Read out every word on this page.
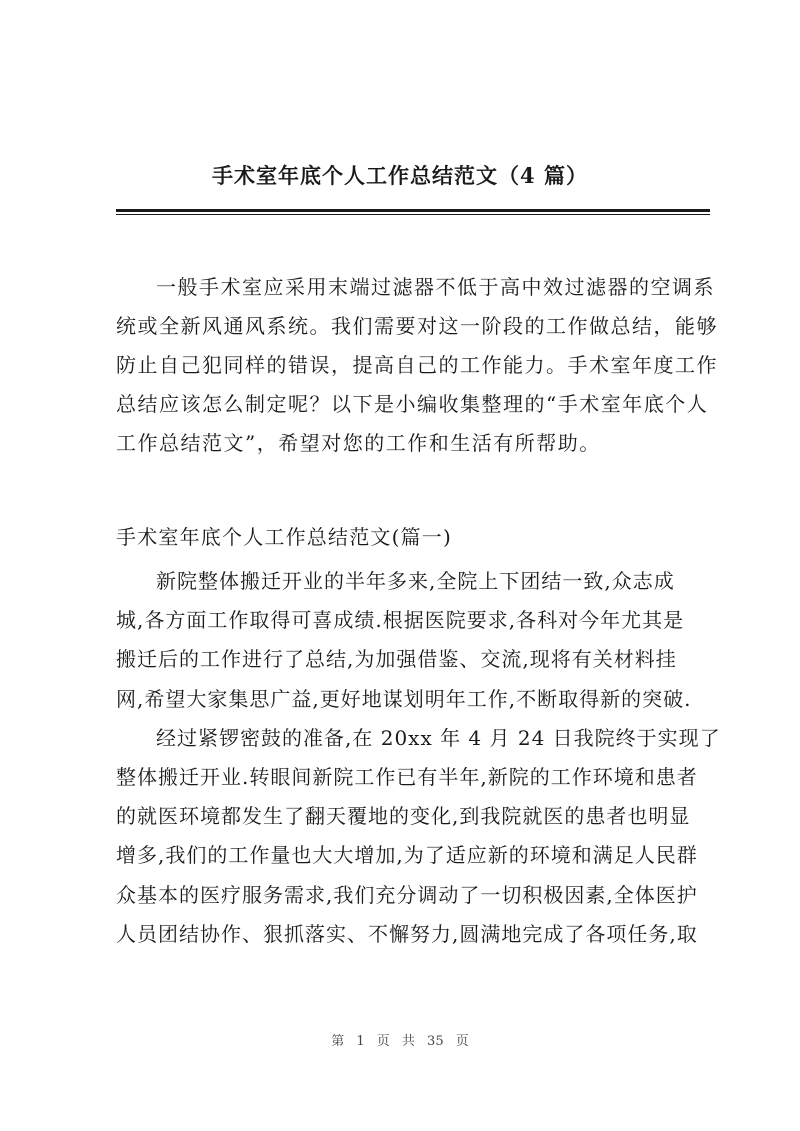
手术室年底个人工作总结范文（4 篇）
一般手术室应采用末端过滤器不低于高中效过滤器的空调系
统或全新风通风系统。我们需要对这一阶段的工作做总结，能够
防止自己犯同样的错误，提高自己的工作能力。手术室年度工作
总结应该怎么制定呢？以下是小编收集整理的“手术室年底个人
工作总结范文”，希望对您的工作和生活有所帮助。
手术室年底个人工作总结范文(篇一)
新院整体搬迁开业的半年多来,全院上下团结一致,众志成
城,各方面工作取得可喜成绩.根据医院要求,各科对今年尤其是
搬迁后的工作进行了总结,为加强借鉴、交流,现将有关材料挂
网,希望大家集思广益,更好地谋划明年工作,不断取得新的突破.
经过紧锣密鼓的准备,在 20xx 年 4 月 24 日我院终于实现了
整体搬迁开业.转眼间新院工作已有半年,新院的工作环境和患者
的就医环境都发生了翻天覆地的变化,到我院就医的患者也明显
增多,我们的工作量也大大增加,为了适应新的环境和满足人民群
众基本的医疗服务需求,我们充分调动了一切积极因素,全体医护
人员团结协作、狠抓落实、不懈努力,圆满地完成了各项任务,取
第 1 页 共 35 页
